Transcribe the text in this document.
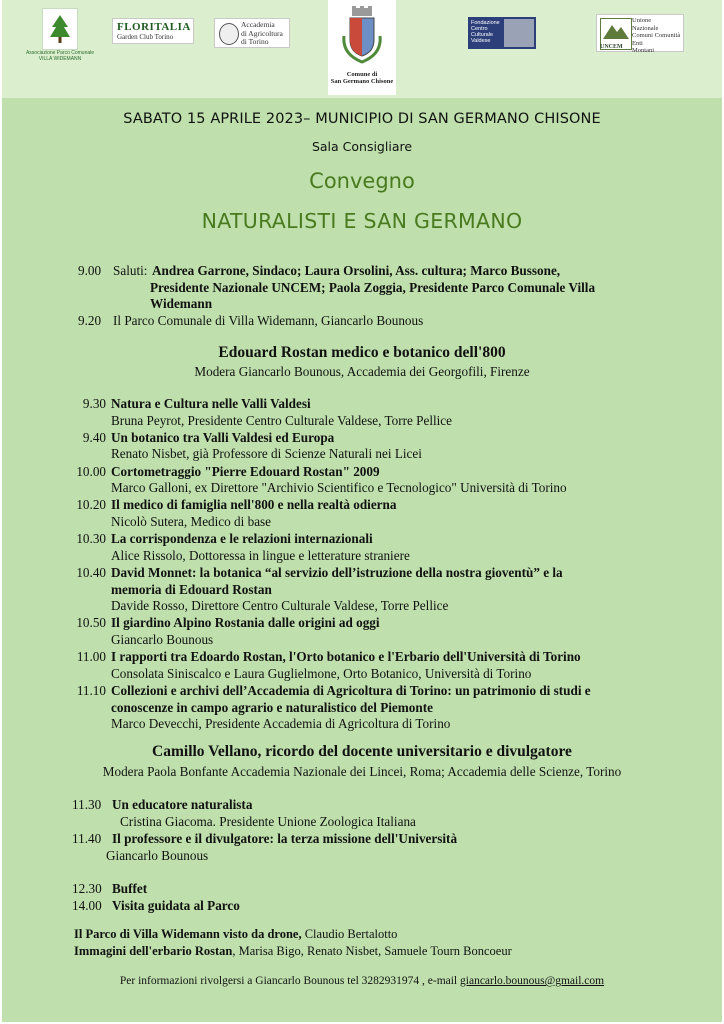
Associazione Parco Comunale
VILLA WIDEMANN
FLORITALIA
Garden Club Torino
Accademia
di Agricoltura
di Torino
Comune di
San Germano Chisone
Fondazione
Centro
Culturale
Valdese
UNCEM
Unione
Nazionale
Comuni Comunità
Enti
Montani
SABATO 15 APRILE 2023– MUNICIPIO DI SAN GERMANO CHISONE
Sala Consigliare
Convegno
NATURALISTI E SAN GERMANO
9.00 Saluti: Andrea Garrone, Sindaco; Laura Orsolini, Ass. cultura; Marco Bussone,
Presidente Nazionale UNCEM; Paola Zoggia, Presidente Parco Comunale Villa
Widemann
9.20 Il Parco Comunale di Villa Widemann, Giancarlo Bounous
Edouard Rostan medico e botanico dell'800
Modera Giancarlo Bounous, Accademia dei Georgofili, Firenze
9.30 Natura e Cultura nelle Valli Valdesi
Bruna Peyrot, Presidente Centro Culturale Valdese, Torre Pellice
9.40 Un botanico tra Valli Valdesi ed Europa
Renato Nisbet, già Professore di Scienze Naturali nei Licei
10.00 Cortometraggio "Pierre Edouard Rostan" 2009
Marco Galloni, ex Direttore "Archivio Scientifico e Tecnologico" Università di Torino
10.20 Il medico di famiglia nell'800 e nella realtà odierna
Nicolò Sutera, Medico di base
10.30 La corrispondenza e le relazioni internazionali
Alice Rissolo, Dottoressa in lingue e letterature straniere
10.40 David Monnet: la botanica “al servizio dell’istruzione della nostra gioventù” e la
memoria di Edouard Rostan
Davide Rosso, Direttore Centro Culturale Valdese, Torre Pellice
10.50 Il giardino Alpino Rostania dalle origini ad oggi
Giancarlo Bounous
11.00 I rapporti tra Edoardo Rostan, l'Orto botanico e l'Erbario dell'Università di Torino
Consolata Siniscalco e Laura Guglielmone, Orto Botanico, Università di Torino
11.10 Collezioni e archivi dell’Accademia di Agricoltura di Torino: un patrimonio di studi e
conoscenze in campo agrario e naturalistico del Piemonte
Marco Devecchi, Presidente Accademia di Agricoltura di Torino
Camillo Vellano, ricordo del docente universitario e divulgatore
Modera Paola Bonfante Accademia Nazionale dei Lincei, Roma; Accademia delle Scienze, Torino
11.30 Un educatore naturalista
Cristina Giacoma. Presidente Unione Zoologica Italiana
11.40 Il professore e il divulgatore: la terza missione dell'Università
Giancarlo Bounous
12.30 Buffet
14.00 Visita guidata al Parco
Il Parco di Villa Widemann visto da drone, Claudio Bertalotto
Immagini dell'erbario Rostan, Marisa Bigo, Renato Nisbet, Samuele Tourn Boncoeur
Per informazioni rivolgersi a Giancarlo Bounous tel 3282931974 , e-mail giancarlo.bounous@gmail.com
